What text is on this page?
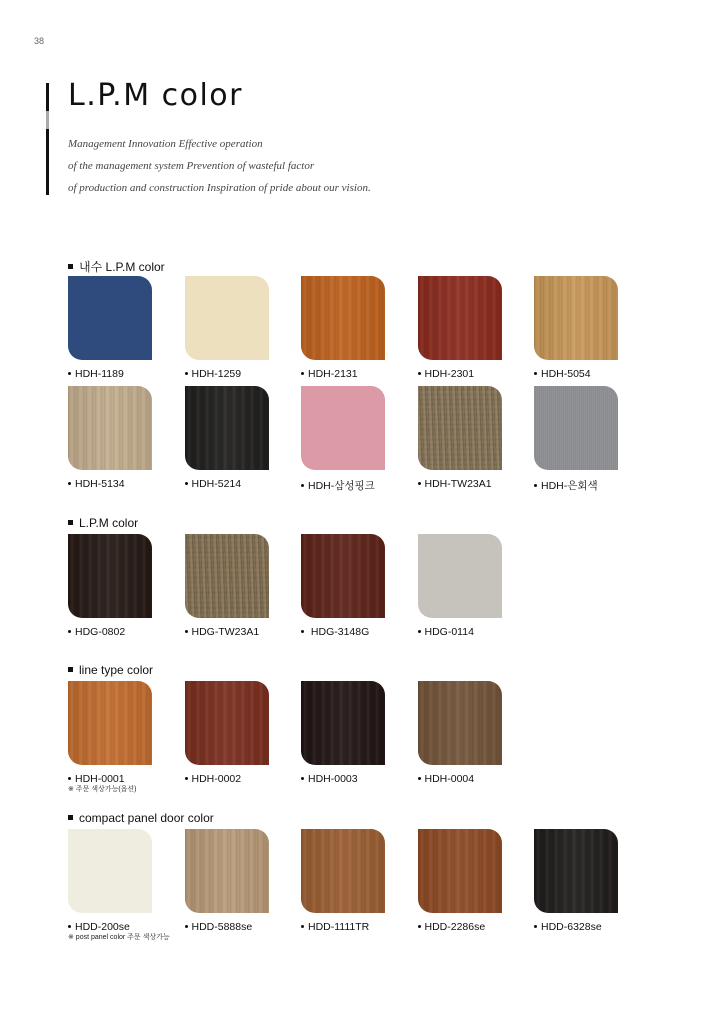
38
L.P.M color

Management Innovation Effective operation

of the management system Prevention of wasteful factor

of production and construction Inspiration of pride about our vision.

내수 L.P.M color
HDH-1189	HDH-1259	HDH-2131	HDH-2301	HDH-5054
HDH-5134	HDH-5214	HDH-삼성핑크	HDH-TW23A1	HDH-은회색
L.P.M color
HDG-0802	HDG-TW23A1	HDG-3148G	HDG-0114
line type color
HDH-0001	HDH-0002	HDH-0003	HDH-0004
※ 주문 색상가능(옵션)
compact panel door color
HDD-200se	HDD-5888se	HDD-1111TR	HDD-2286se	HDD-6328se
※ post panel color 주문 색상가능
